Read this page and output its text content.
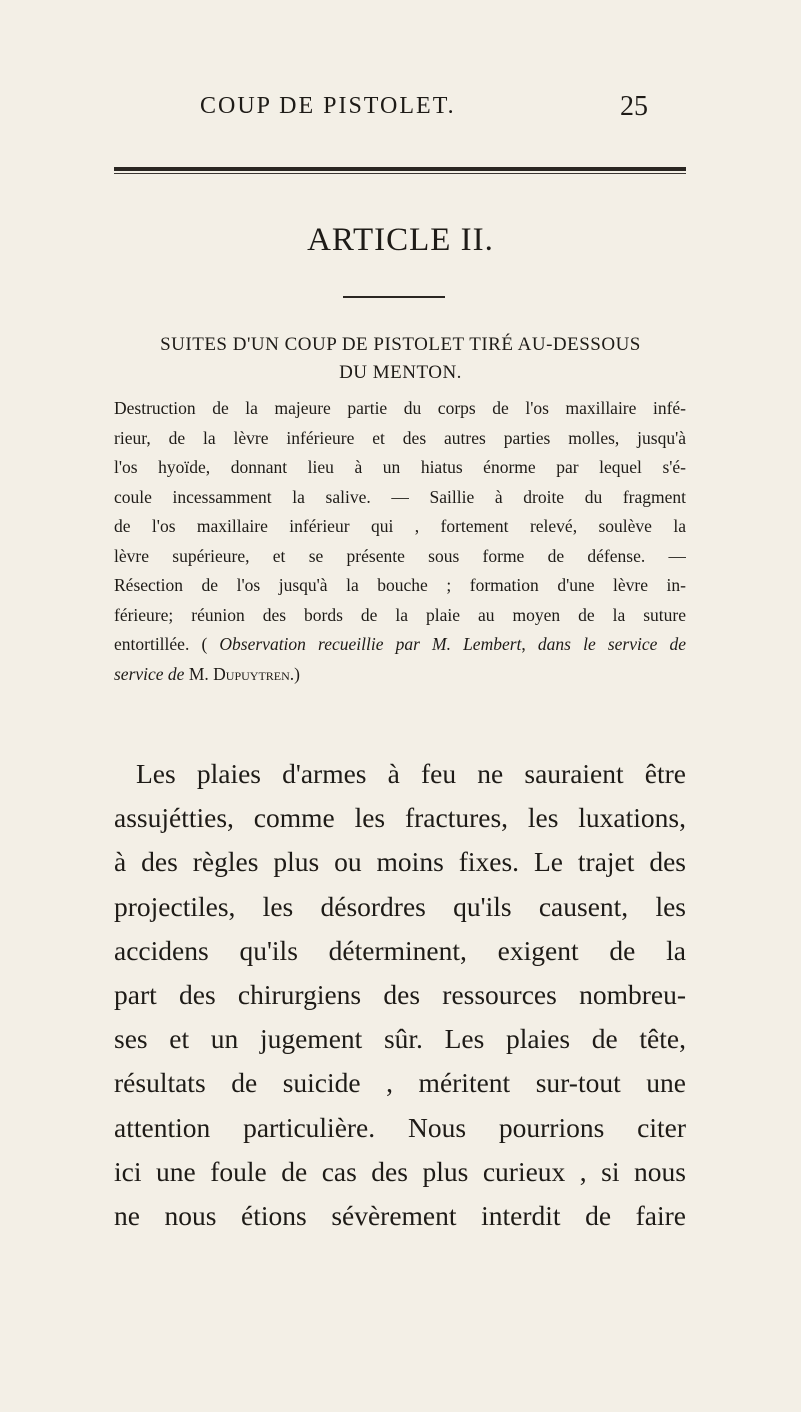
COUP DE PISTOLET.	25
ARTICLE II.
SUITES D'UN COUP DE PISTOLET TIRÉ AU-DESSOUS
DU MENTON.
Destruction de la majeure partie du corps de l'os maxillaire infé-
rieur, de la lèvre inférieure et des autres parties molles, jusqu'à
l'os hyoïde, donnant lieu à un hiatus énorme par lequel s'é-
coule incessamment la salive. — Saillie à droite du fragment
de l'os maxillaire inférieur qui , fortement relevé, soulève la
lèvre supérieure, et se présente sous forme de défense. —
Résection de l'os jusqu'à la bouche ; formation d'une lèvre in-
férieure; réunion des bords de la plaie au moyen de la suture
entortillée. ( Observation recueillie par M. Lembert, dans le service de
service de M. Dupuytren.)
Les plaies d'armes à feu ne sauraient être
assujétties, comme les fractures, les luxations,
à des règles plus ou moins fixes. Le trajet des
projectiles, les désordres qu'ils causent, les
accidens qu'ils déterminent, exigent de la
part des chirurgiens des ressources nombreu-
ses et un jugement sûr. Les plaies de tête,
résultats de suicide , méritent sur-tout une
attention particulière. Nous pourrions citer
ici une foule de cas des plus curieux , si nous
ne nous étions sévèrement interdit de faire
